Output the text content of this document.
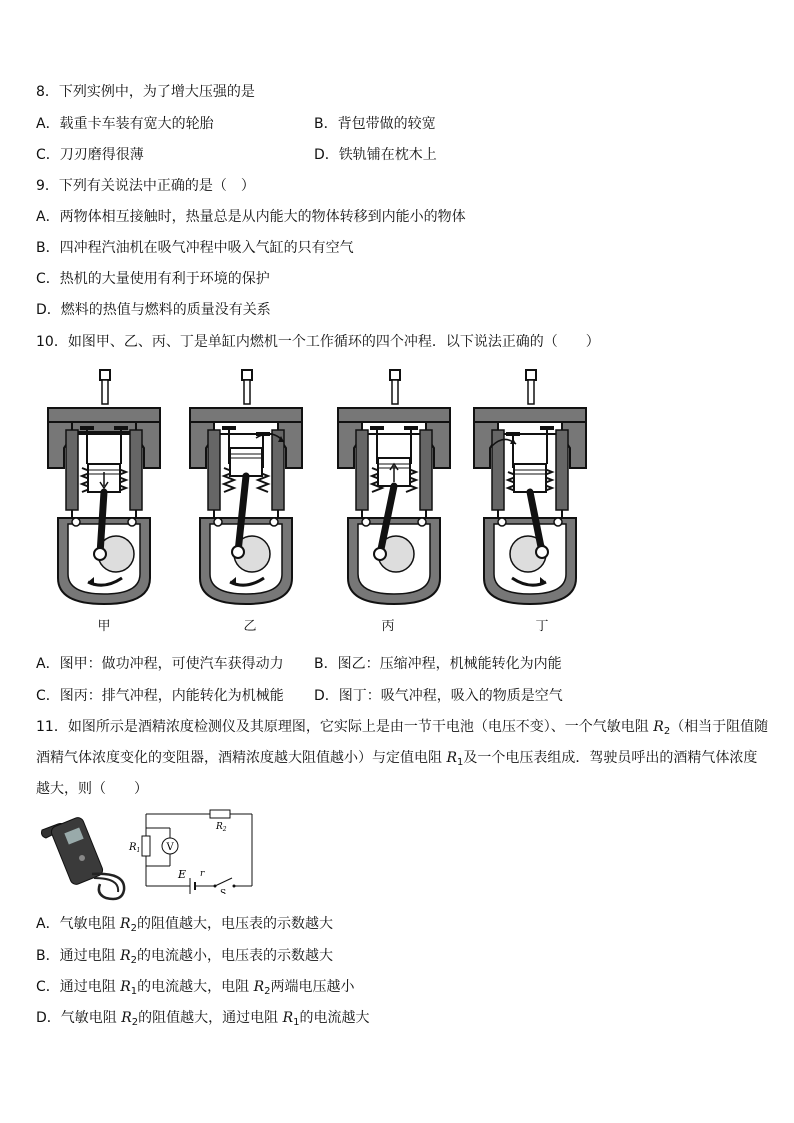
8．下列实例中，为了增大压强的是
A．载重卡车装有宽大的轮胎	B．背包带做的较宽
C．刀刃磨得很薄	D．铁轨铺在枕木上
9．下列有关说法中正确的是（　）
A．两物体相互接触时，热量总是从内能大的物体转移到内能小的物体
B．四冲程汽油机在吸气冲程中吸入气缸的只有空气
C．热机的大量使用有利于环境的保护
D．燃料的热值与燃料的质量没有关系
10．如图甲、乙、丙、丁是单缸内燃机一个工作循环的四个冲程．以下说法正确的（　　）
甲	乙	丙	丁
A．图甲：做功冲程，可使汽车获得动力 B．图乙：压缩冲程，机械能转化为内能
C．图丙：排气冲程，内能转化为机械能 D．图丁：吸气冲程，吸入的物质是空气
11．如图所示是酒精浓度检测仪及其原理图，它实际上是由一节干电池（电压不变）、一个气敏电阻 $R_2$（相当于阻值随
酒精气体浓度变化的变阻器，酒精浓度越大阻值越小）与定值电阻 $R_1$及一个电压表组成．驾驶员呼出的酒精气体浓度
越大，则（　　）
V
$R_1$
$R_2$
E r
S
A．气敏电阻 $R_2$的阻值越大，电压表的示数越大
B．通过电阻 $R_2$的电流越小，电压表的示数越大
C．通过电阻 $R_1$的电流越大，电阻 $R_2$两端电压越小
D．气敏电阻 $R_2$的阻值越大，通过电阻 $R_1$的电流越大
